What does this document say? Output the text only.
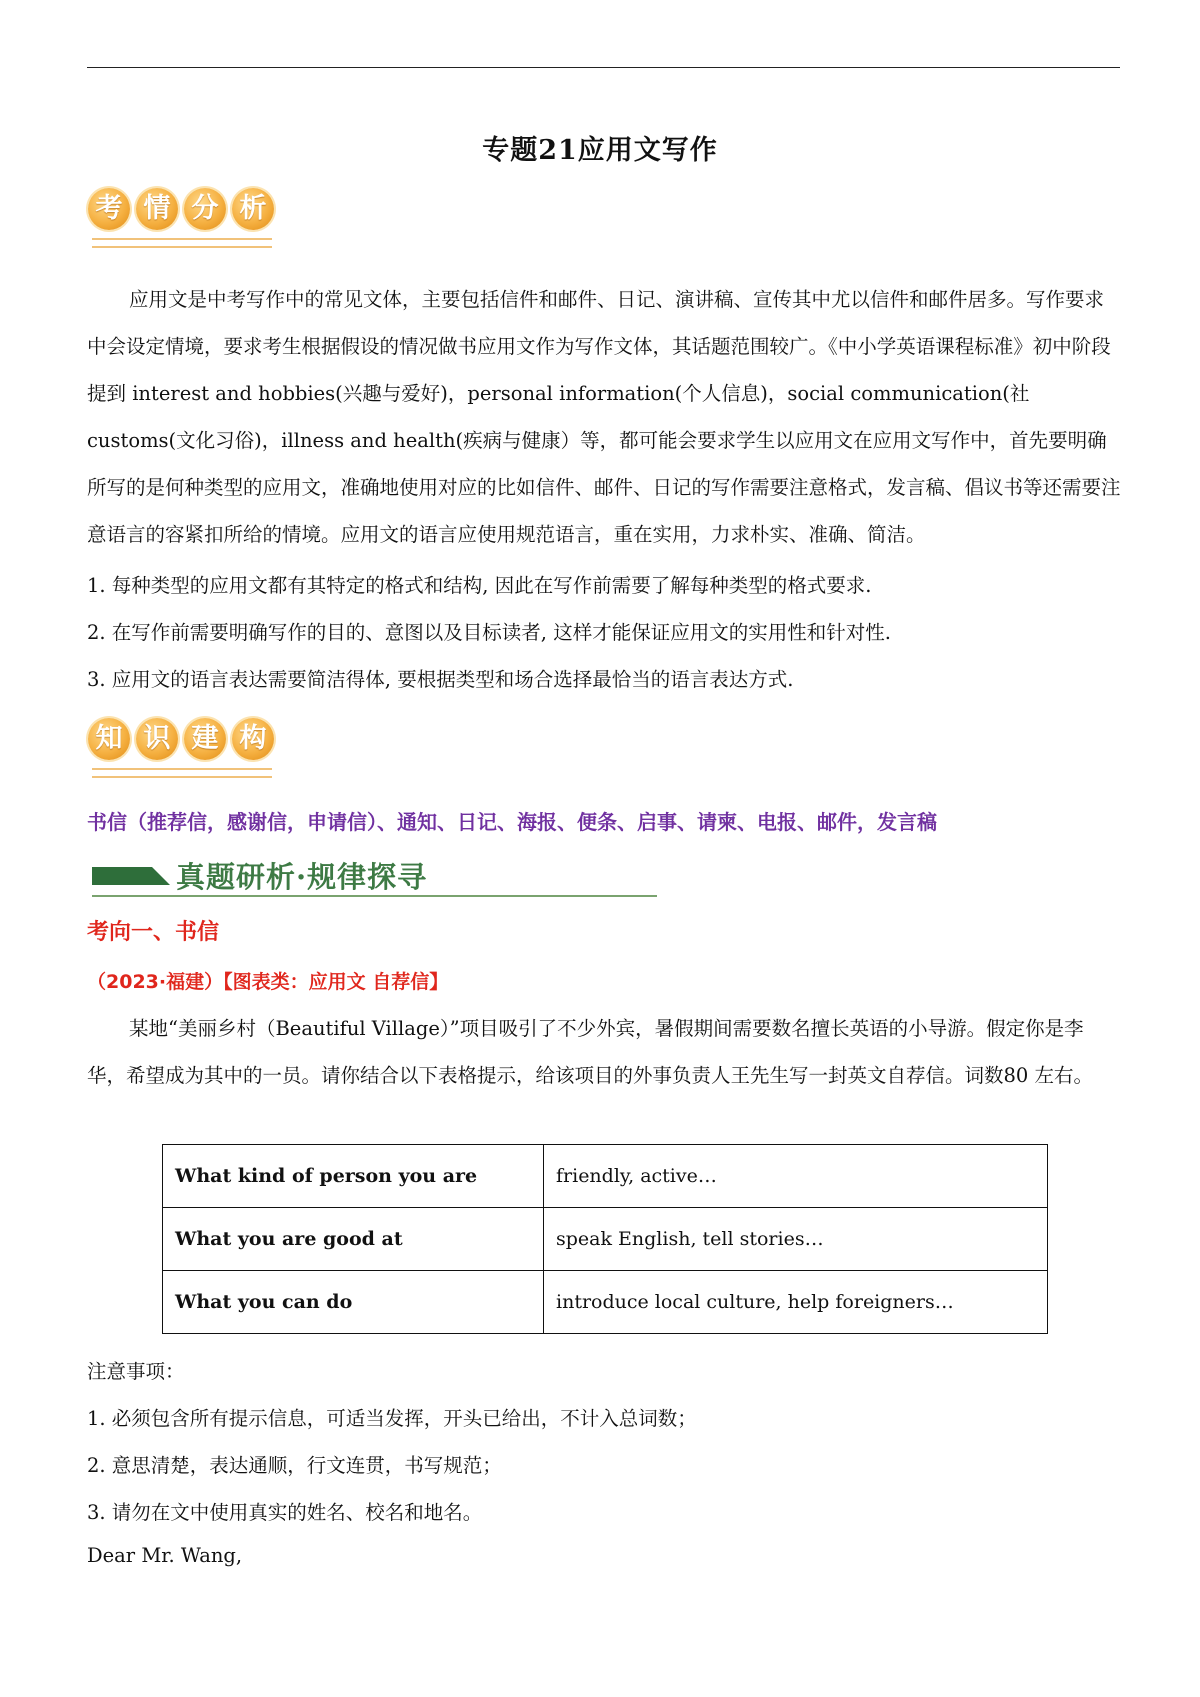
专题21应用文写作
考 情 分 析
应用文是中考写作中的常见文体，主要包括信件和邮件、日记、演讲稿、宣传其中尤以信件和邮件居多。写作要求中会设定情境，要求考生根据假设的情况做书应用文作为写作文体，其话题范围较广。《中小学英语课程标准》初中阶段提到 interest and hobbies(兴趣与爱好)，personal information(个人信息)，social communication(社customs(文化习俗)，illness and health(疾病与健康）等，都可能会要求学生以应用文在应用文写作中，首先要明确所写的是何种类型的应用文，准确地使用对应的比如信件、邮件、日记的写作需要注意格式，发言稿、倡议书等还需要注意语言的容紧扣所给的情境。应用文的语言应使用规范语言，重在实用，力求朴实、准确、简洁。
1. 每种类型的应用文都有其特定的格式和结构, 因此在写作前需要了解每种类型的格式要求.
2. 在写作前需要明确写作的目的、意图以及目标读者, 这样才能保证应用文的实用性和针对性.
3. 应用文的语言表达需要简洁得体, 要根据类型和场合选择最恰当的语言表达方式.
知 识 建 构
书信（推荐信，感谢信，申请信）、通知、日记、海报、便条、启事、请柬、电报、邮件，发言稿
真题研析·规律探寻
考向一、书信
（2023·福建）【图表类：应用文 自荐信】
某地“美丽乡村（Beautiful Village）”项目吸引了不少外宾，暑假期间需要数名擅长英语的小导游。假定你是李华，希望成为其中的一员。请你结合以下表格提示，给该项目的外事负责人王先生写一封英文自荐信。词数80 左右。
What kind of person you are	friendly, active…
What you are good at	speak English, tell stories…
What you can do	introduce local culture, help foreigners…
注意事项：
1. 必须包含所有提示信息，可适当发挥，开头已给出，不计入总词数；
2. 意思清楚，表达通顺，行文连贯，书写规范；
3. 请勿在文中使用真实的姓名、校名和地名。
Dear Mr. Wang,
